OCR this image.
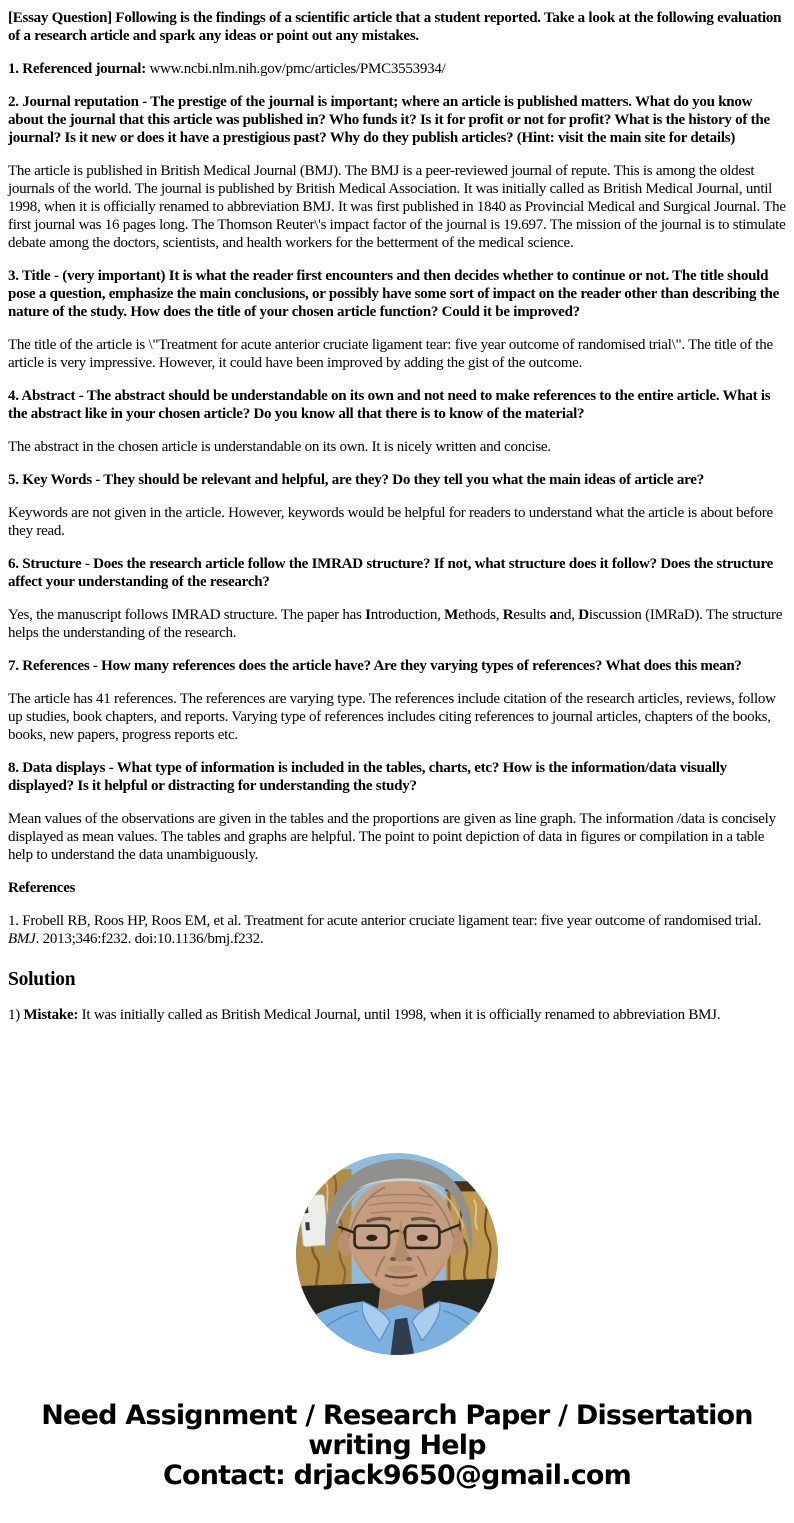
[Essay Question] Following is the findings of a scientific article that a student reported. Take a look at the following evaluation of a research article and spark any ideas or point out any mistakes.

1. Referenced journal: www.ncbi.nlm.nih.gov/pmc/articles/PMC3553934/

2. Journal reputation - The prestige of the journal is important; where an article is published matters. What do you know about the journal that this article was published in? Who funds it? Is it for profit or not for profit? What is the history of the journal? Is it new or does it have a prestigious past? Why do they publish articles? (Hint: visit the main site for details)

The article is published in British Medical Journal (BMJ). The BMJ is a peer-reviewed journal of repute. This is among the oldest journals of the world. The journal is published by British Medical Association. It was initially called as British Medical Journal, until 1998, when it is officially renamed to abbreviation BMJ. It was first published in 1840 as Provincial Medical and Surgical Journal. The first journal was 16 pages long. The Thomson Reuter\'s impact factor of the journal is 19.697. The mission of the journal is to stimulate debate among the doctors, scientists, and health workers for the betterment of the medical science.

3. Title - (very important) It is what the reader first encounters and then decides whether to continue or not. The title should pose a question, emphasize the main conclusions, or possibly have some sort of impact on the reader other than describing the nature of the study. How does the title of your chosen article function? Could it be improved?

The title of the article is \"Treatment for acute anterior cruciate ligament tear: five year outcome of randomised trial\". The title of the article is very impressive. However, it could have been improved by adding the gist of the outcome.

4. Abstract - The abstract should be understandable on its own and not need to make references to the entire article. What is the abstract like in your chosen article? Do you know all that there is to know of the material?

The abstract in the chosen article is understandable on its own. It is nicely written and concise.

5. Key Words - They should be relevant and helpful, are they? Do they tell you what the main ideas of article are?

Keywords are not given in the article. However, keywords would be helpful for readers to understand what the article is about before they read.

6. Structure - Does the research article follow the IMRAD structure? If not, what structure does it follow? Does the structure affect your understanding of the research?

Yes, the manuscript follows IMRAD structure. The paper has Introduction, Methods, Results and, Discussion (IMRaD). The structure helps the understanding of the research.

7. References - How many references does the article have? Are they varying types of references? What does this mean?

The article has 41 references. The references are varying type. The references include citation of the research articles, reviews, follow up studies, book chapters, and reports. Varying type of references includes citing references to journal articles, chapters of the books, books, new papers, progress reports etc.

8. Data displays - What type of information is included in the tables, charts, etc? How is the information/data visually displayed? Is it helpful or distracting for understanding the study?

Mean values of the observations are given in the tables and the proportions are given as line graph. The information /data is concisely displayed as mean values. The tables and graphs are helpful. The point to point depiction of data in figures or compilation in a table help to understand the data unambiguously.

References

1. Frobell RB, Roos HP, Roos EM, et al. Treatment for acute anterior cruciate ligament tear: five year outcome of randomised trial. BMJ. 2013;346:f232. doi:10.1136/bmj.f232.

Solution

1) Mistake: It was initially called as British Medical Journal, until 1998, when it is officially renamed to abbreviation BMJ.

Need Assignment / Research Paper / Dissertation writing Help

Contact: drjack9650@gmail.com
